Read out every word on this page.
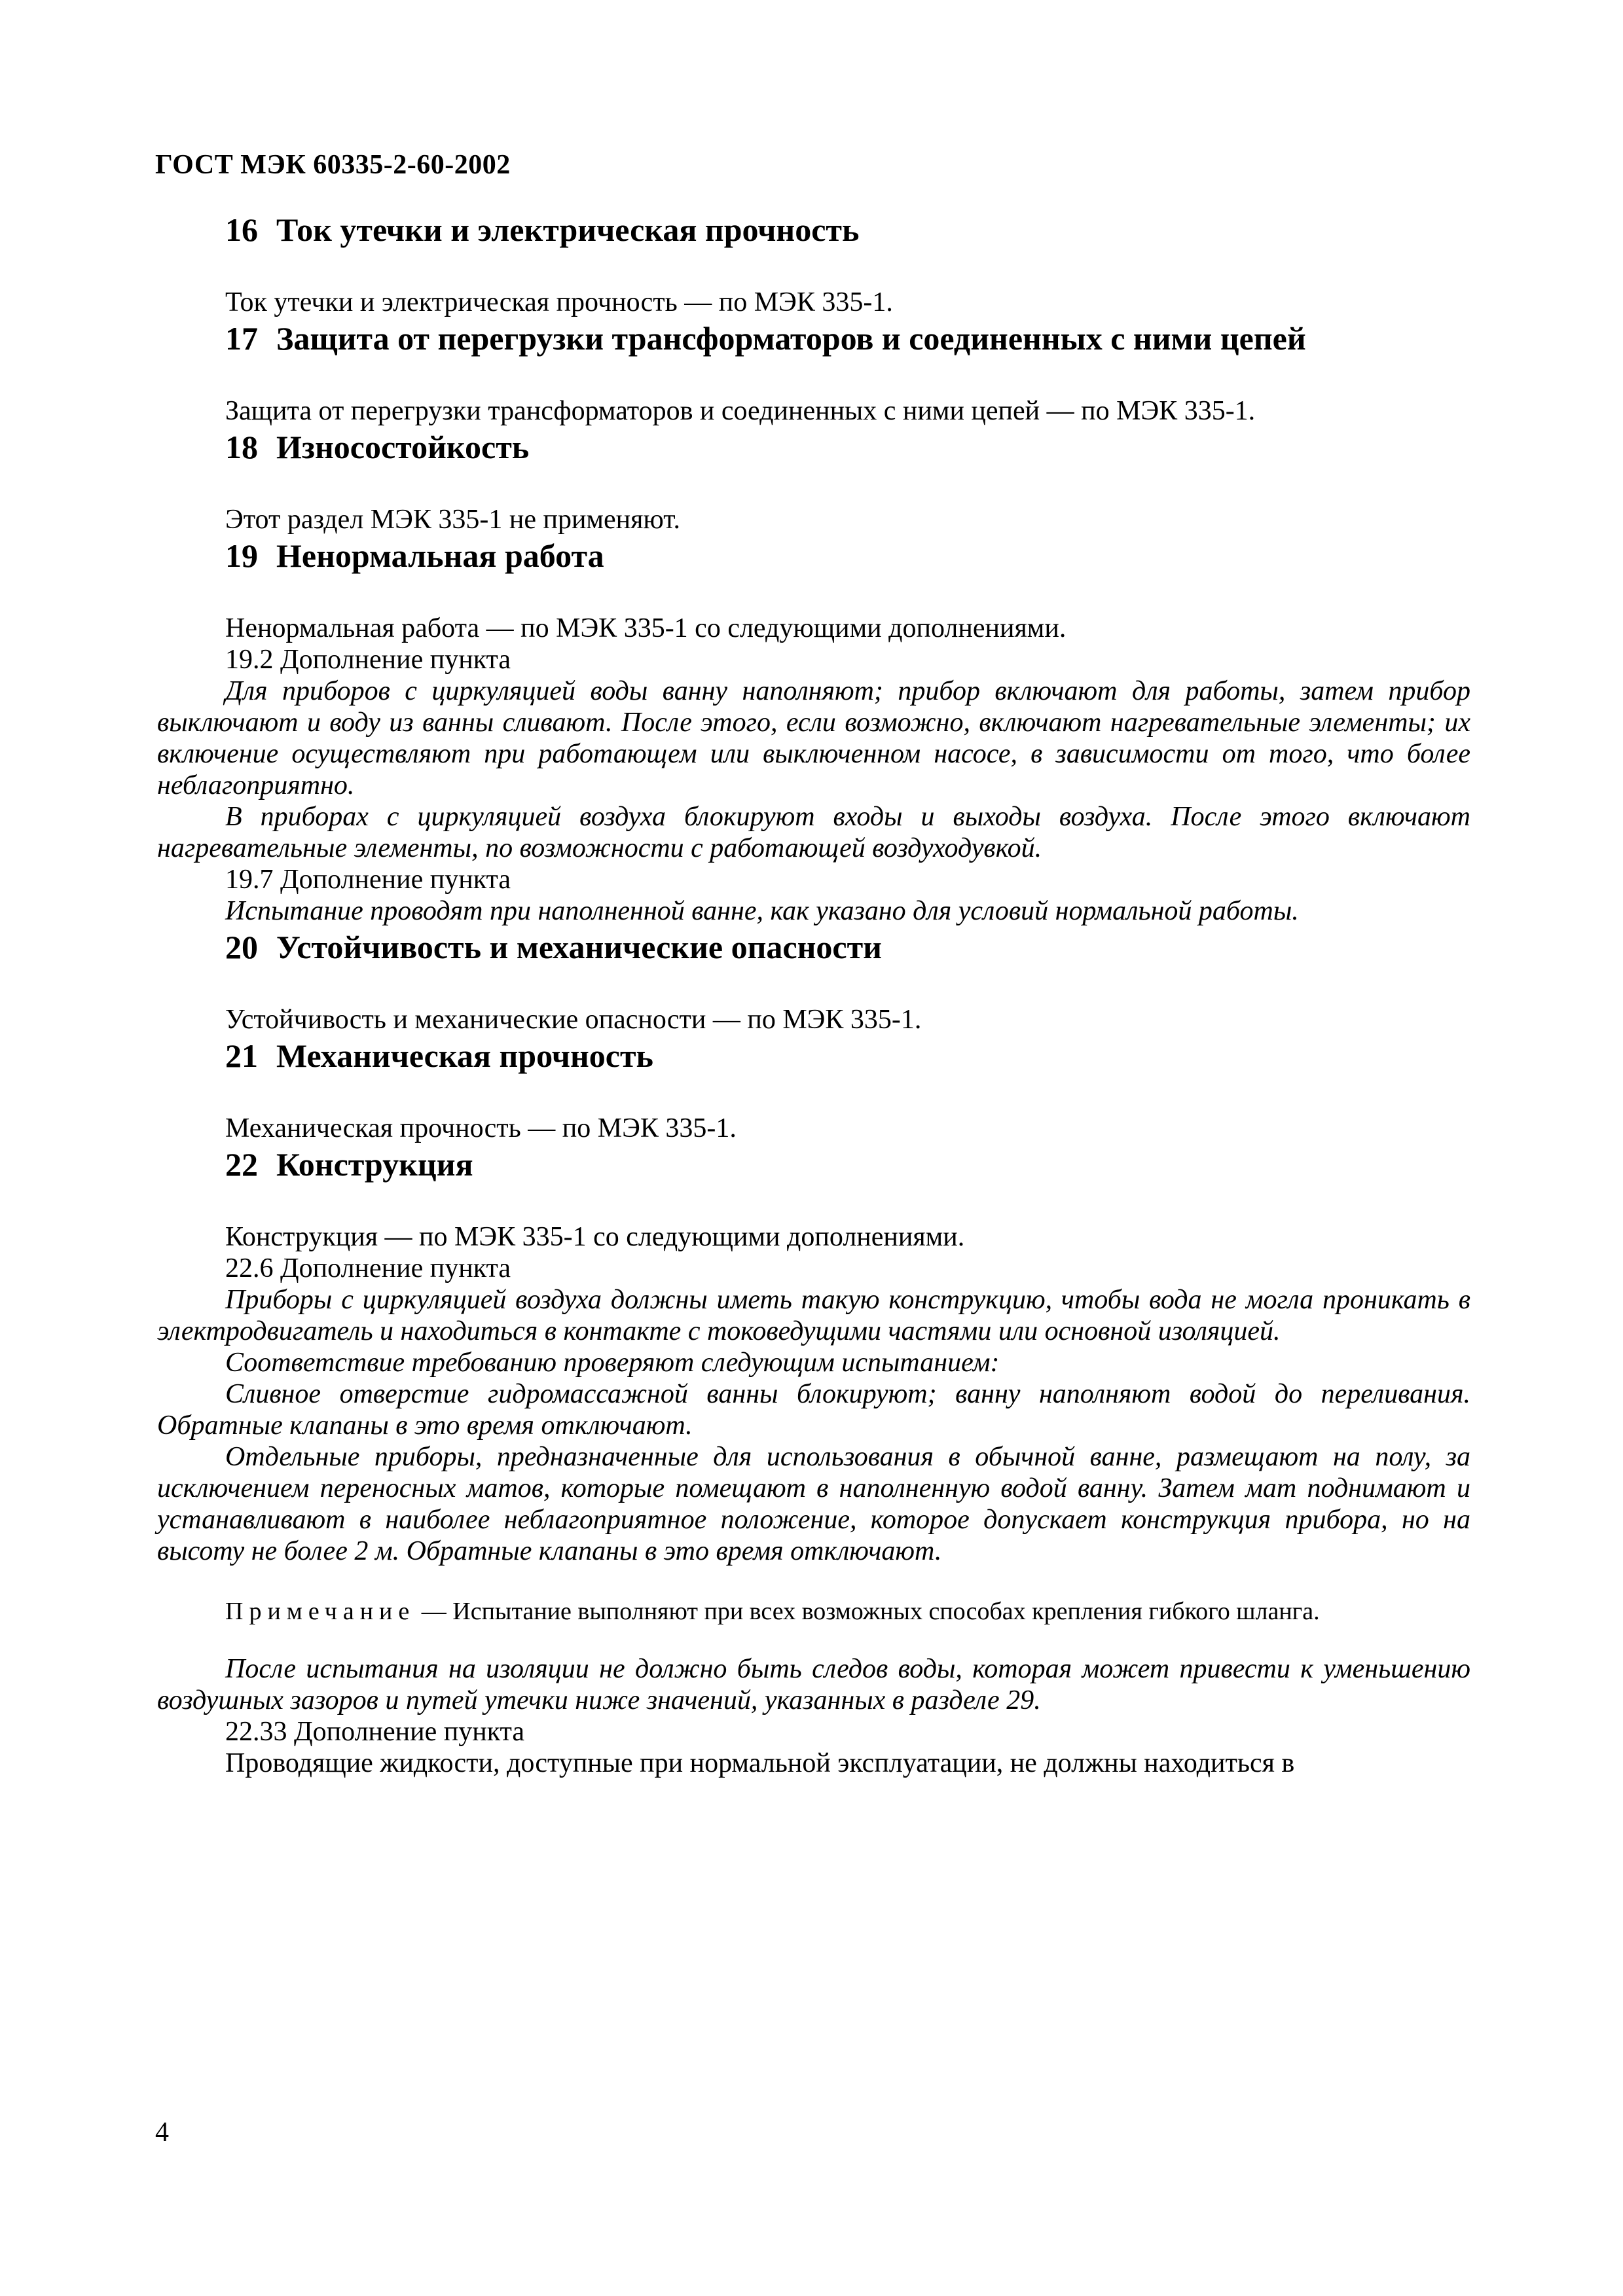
ГОСТ МЭК 60335-2-60-2002
16 Ток утечки и электрическая прочность

Ток утечки и электрическая прочность — по МЭК 335-1.

17 Защита от перегрузки трансформаторов и соединенных с ними цепей

Защита от перегрузки трансформаторов и соединенных с ними цепей — по МЭК 335-1.

18 Износостойкость

Этот раздел МЭК 335-1 не применяют.

19 Ненормальная работа

Ненормальная работа — по МЭК 335-1 со следующими дополнениями.

19.2 Дополнение пункта

Для приборов с циркуляцией воды ванну наполняют; прибор включают для работы, затем прибор выключают и воду из ванны сливают. После этого, если возможно, включают нагревательные элементы; их включение осуществляют при работающем или выключенном насосе, в зависимости от того, что более неблагоприятно.

В приборах с циркуляцией воздуха блокируют входы и выходы воздуха. После этого включают нагревательные элементы, по возможности с работающей воздуходувкой.

19.7 Дополнение пункта

Испытание проводят при наполненной ванне, как указано для условий нормальной работы.

20 Устойчивость и механические опасности

Устойчивость и механические опасности — по МЭК 335-1.

21 Механическая прочность

Механическая прочность — по МЭК 335-1.

22 Конструкция

Конструкция — по МЭК 335-1 со следующими дополнениями.

22.6 Дополнение пункта

Приборы с циркуляцией воздуха должны иметь такую конструкцию, чтобы вода не могла проникать в электродвигатель и находиться в контакте с токоведущими частями или основной изоляцией.

Соответствие требованию проверяют следующим испытанием:

Сливное отверстие гидромассажной ванны блокируют; ванну наполняют водой до переливания. Обратные клапаны в это время отключают.

Отдельные приборы, предназначенные для использования в обычной ванне, размещают на полу, за исключением переносных матов, которые помещают в наполненную водой ванну. Затем мат поднимают и устанавливают в наиболее неблагоприятное положение, которое допускает конструкция прибора, но на высоту не более 2 м. Обратные клапаны в это время отключают.

Примечание — Испытание выполняют при всех возможных способах крепления гибкого шланга.

После испытания на изоляции не должно быть следов воды, которая может привести к уменьшению воздушных зазоров и путей утечки ниже значений, указанных в разделе 29.

22.33 Дополнение пункта

Проводящие жидкости, доступные при нормальной эксплуатации, не должны находиться в

4
